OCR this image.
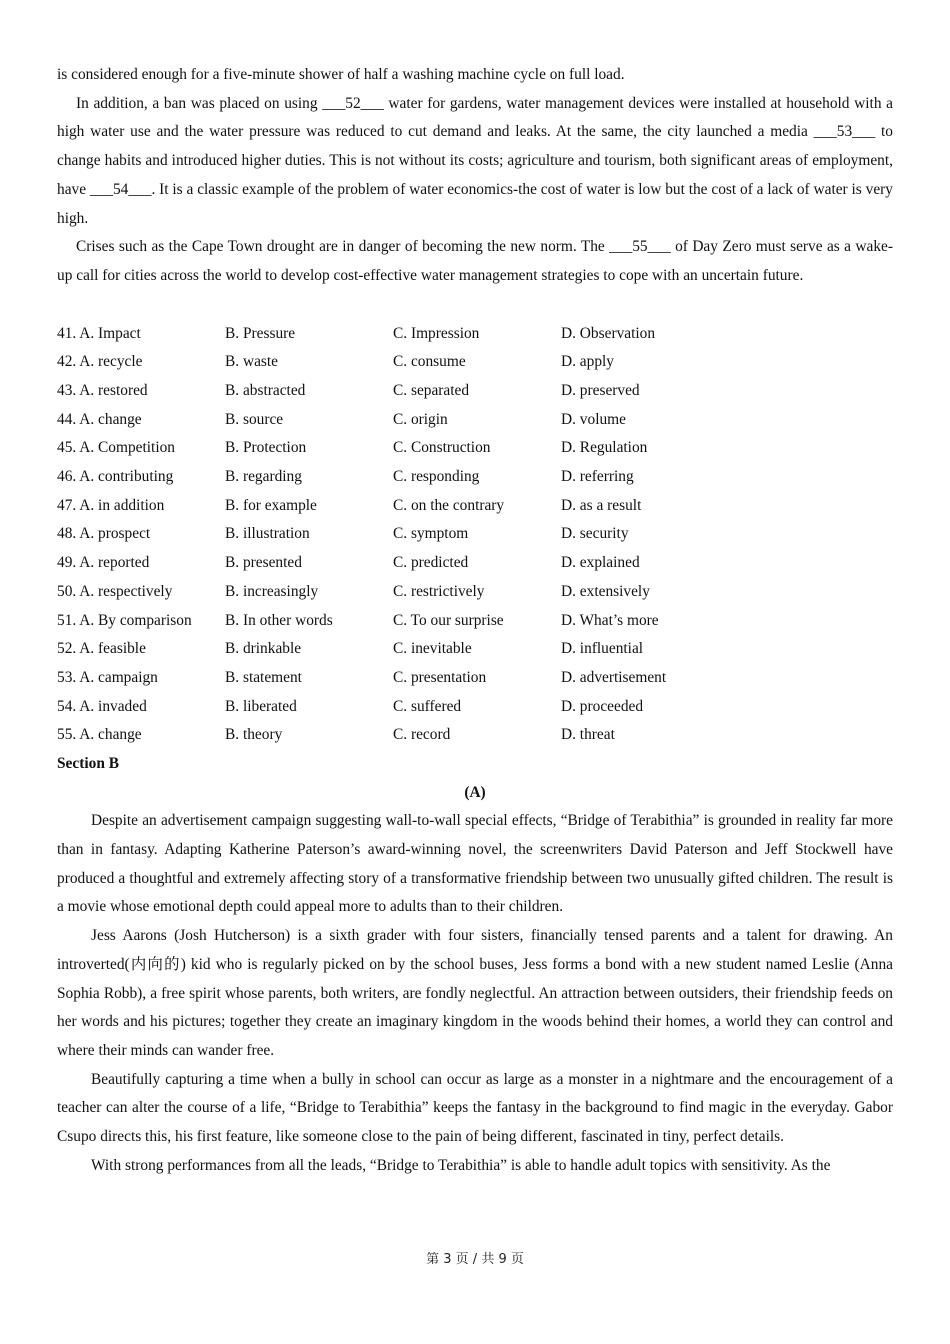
is considered enough for a five-minute shower of half a washing machine cycle on full load.

In addition, a ban was placed on using ___52___ water for gardens, water management devices were installed at household with a high water use and the water pressure was reduced to cut demand and leaks. At the same, the city launched a media ___53___ to change habits and introduced higher duties. This is not without its costs; agriculture and tourism, both significant areas of employment, have ___54___. It is a classic example of the problem of water economics-the cost of water is low but the cost of a lack of water is very high.

Crises such as the Cape Town drought are in danger of becoming the new norm. The ___55___ of Day Zero must serve as a wake-up call for cities across the world to develop cost-effective water management strategies to cope with an uncertain future.

41. A. Impact	B. Pressure	C. Impression	D. Observation
42. A. recycle	B. waste	C. consume	D. apply
43. A. restored	B. abstracted	C. separated	D. preserved
44. A. change	B. source	C. origin	D. volume
45. A. Competition	B. Protection	C. Construction	D. Regulation
46. A. contributing	B. regarding	C. responding	D. referring
47. A. in addition	B. for example	C. on the contrary	D. as a result
48. A. prospect	B. illustration	C. symptom	D. security
49. A. reported	B. presented	C. predicted	D. explained
50. A. respectively	B. increasingly	C. restrictively	D. extensively
51. A. By comparison	B. In other words	C. To our surprise	D. What’s more
52. A. feasible	B. drinkable	C. inevitable	D. influential
53. A. campaign	B. statement	C. presentation	D. advertisement
54. A. invaded	B. liberated	C. suffered	D. proceeded
55. A. change	B. theory	C. record	D. threat

Section B

(A)

Despite an advertisement campaign suggesting wall-to-wall special effects, “Bridge of Terabithia” is grounded in reality far more than in fantasy. Adapting Katherine Paterson’s award-winning novel, the screenwriters David Paterson and Jeff Stockwell have produced a thoughtful and extremely affecting story of a transformative friendship between two unusually gifted children. The result is a movie whose emotional depth could appeal more to adults than to their children.

Jess Aarons (Josh Hutcherson) is a sixth grader with four sisters, financially tensed parents and a talent for drawing. An introverted(内向的) kid who is regularly picked on by the school buses, Jess forms a bond with a new student named Leslie (Anna Sophia Robb), a free spirit whose parents, both writers, are fondly neglectful. An attraction between outsiders, their friendship feeds on her words and his pictures; together they create an imaginary kingdom in the woods behind their homes, a world they can control and where their minds can wander free.

Beautifully capturing a time when a bully in school can occur as large as a monster in a nightmare and the encouragement of a teacher can alter the course of a life, “Bridge to Terabithia” keeps the fantasy in the background to find magic in the everyday. Gabor Csupo directs this, his first feature, like someone close to the pain of being different, fascinated in tiny, perfect details.

With strong performances from all the leads, “Bridge to Terabithia” is able to handle adult topics with sensitivity. As the

第 3 页 / 共 9 页
